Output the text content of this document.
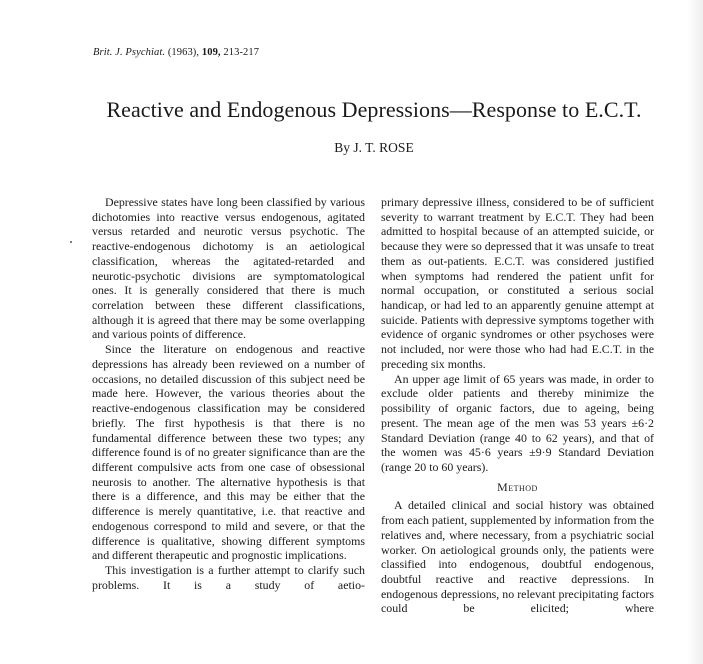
Brit. J. Psychiat. (1963), 109, 213-217
Reactive and Endogenous Depressions—Response to E.C.T.
By J. T. ROSE

Depressive states have long been classified by various dichotomies into reactive versus endogenous, agitated versus retarded and neurotic versus psychotic. The reactive-endogenous dichotomy is an aetiological classification, whereas the agitated-retarded and neurotic-psychotic divisions are symptomatological ones. It is generally considered that there is much correlation between these different classifications, although it is agreed that there may be some overlapping and various points of difference.

Since the literature on endogenous and reactive depressions has already been reviewed on a number of occasions, no detailed discussion of this subject need be made here. However, the various theories about the reactive-endogenous classification may be considered briefly. The first hypothesis is that there is no fundamental difference between these two types; any difference found is of no greater significance than are the different compulsive acts from one case of obsessional neurosis to another. The alternative hypothesis is that there is a difference, and this may be either that the difference is merely quantitative, i.e. that reactive and endogenous correspond to mild and severe, or that the difference is qualitative, showing different symptoms and different therapeutic and prognostic implications.

This investigation is a further attempt to clarify such problems. It is a study of aetio-

primary depressive illness, considered to be of sufficient severity to warrant treatment by E.C.T. They had been admitted to hospital because of an attempted suicide, or because they were so depressed that it was unsafe to treat them as out-patients. E.C.T. was considered justified when symptoms had rendered the patient unfit for normal occupation, or constituted a serious social handicap, or had led to an apparently genuine attempt at suicide. Patients with depressive symptoms together with evidence of organic syndromes or other psychoses were not included, nor were those who had had E.C.T. in the preceding six months.

An upper age limit of 65 years was made, in order to exclude older patients and thereby minimize the possibility of organic factors, due to ageing, being present. The mean age of the men was 53 years ±6·2 Standard Deviation (range 40 to 62 years), and that of the women was 45·6 years ±9·9 Standard Deviation (range 20 to 60 years).

Method

A detailed clinical and social history was obtained from each patient, supplemented by information from the relatives and, where necessary, from a psychiatric social worker. On aetiological grounds only, the patients were classified into endogenous, doubtful endogenous, doubtful reactive and reactive depressions. In endogenous depressions, no relevant precipitating factors could be elicited; where
